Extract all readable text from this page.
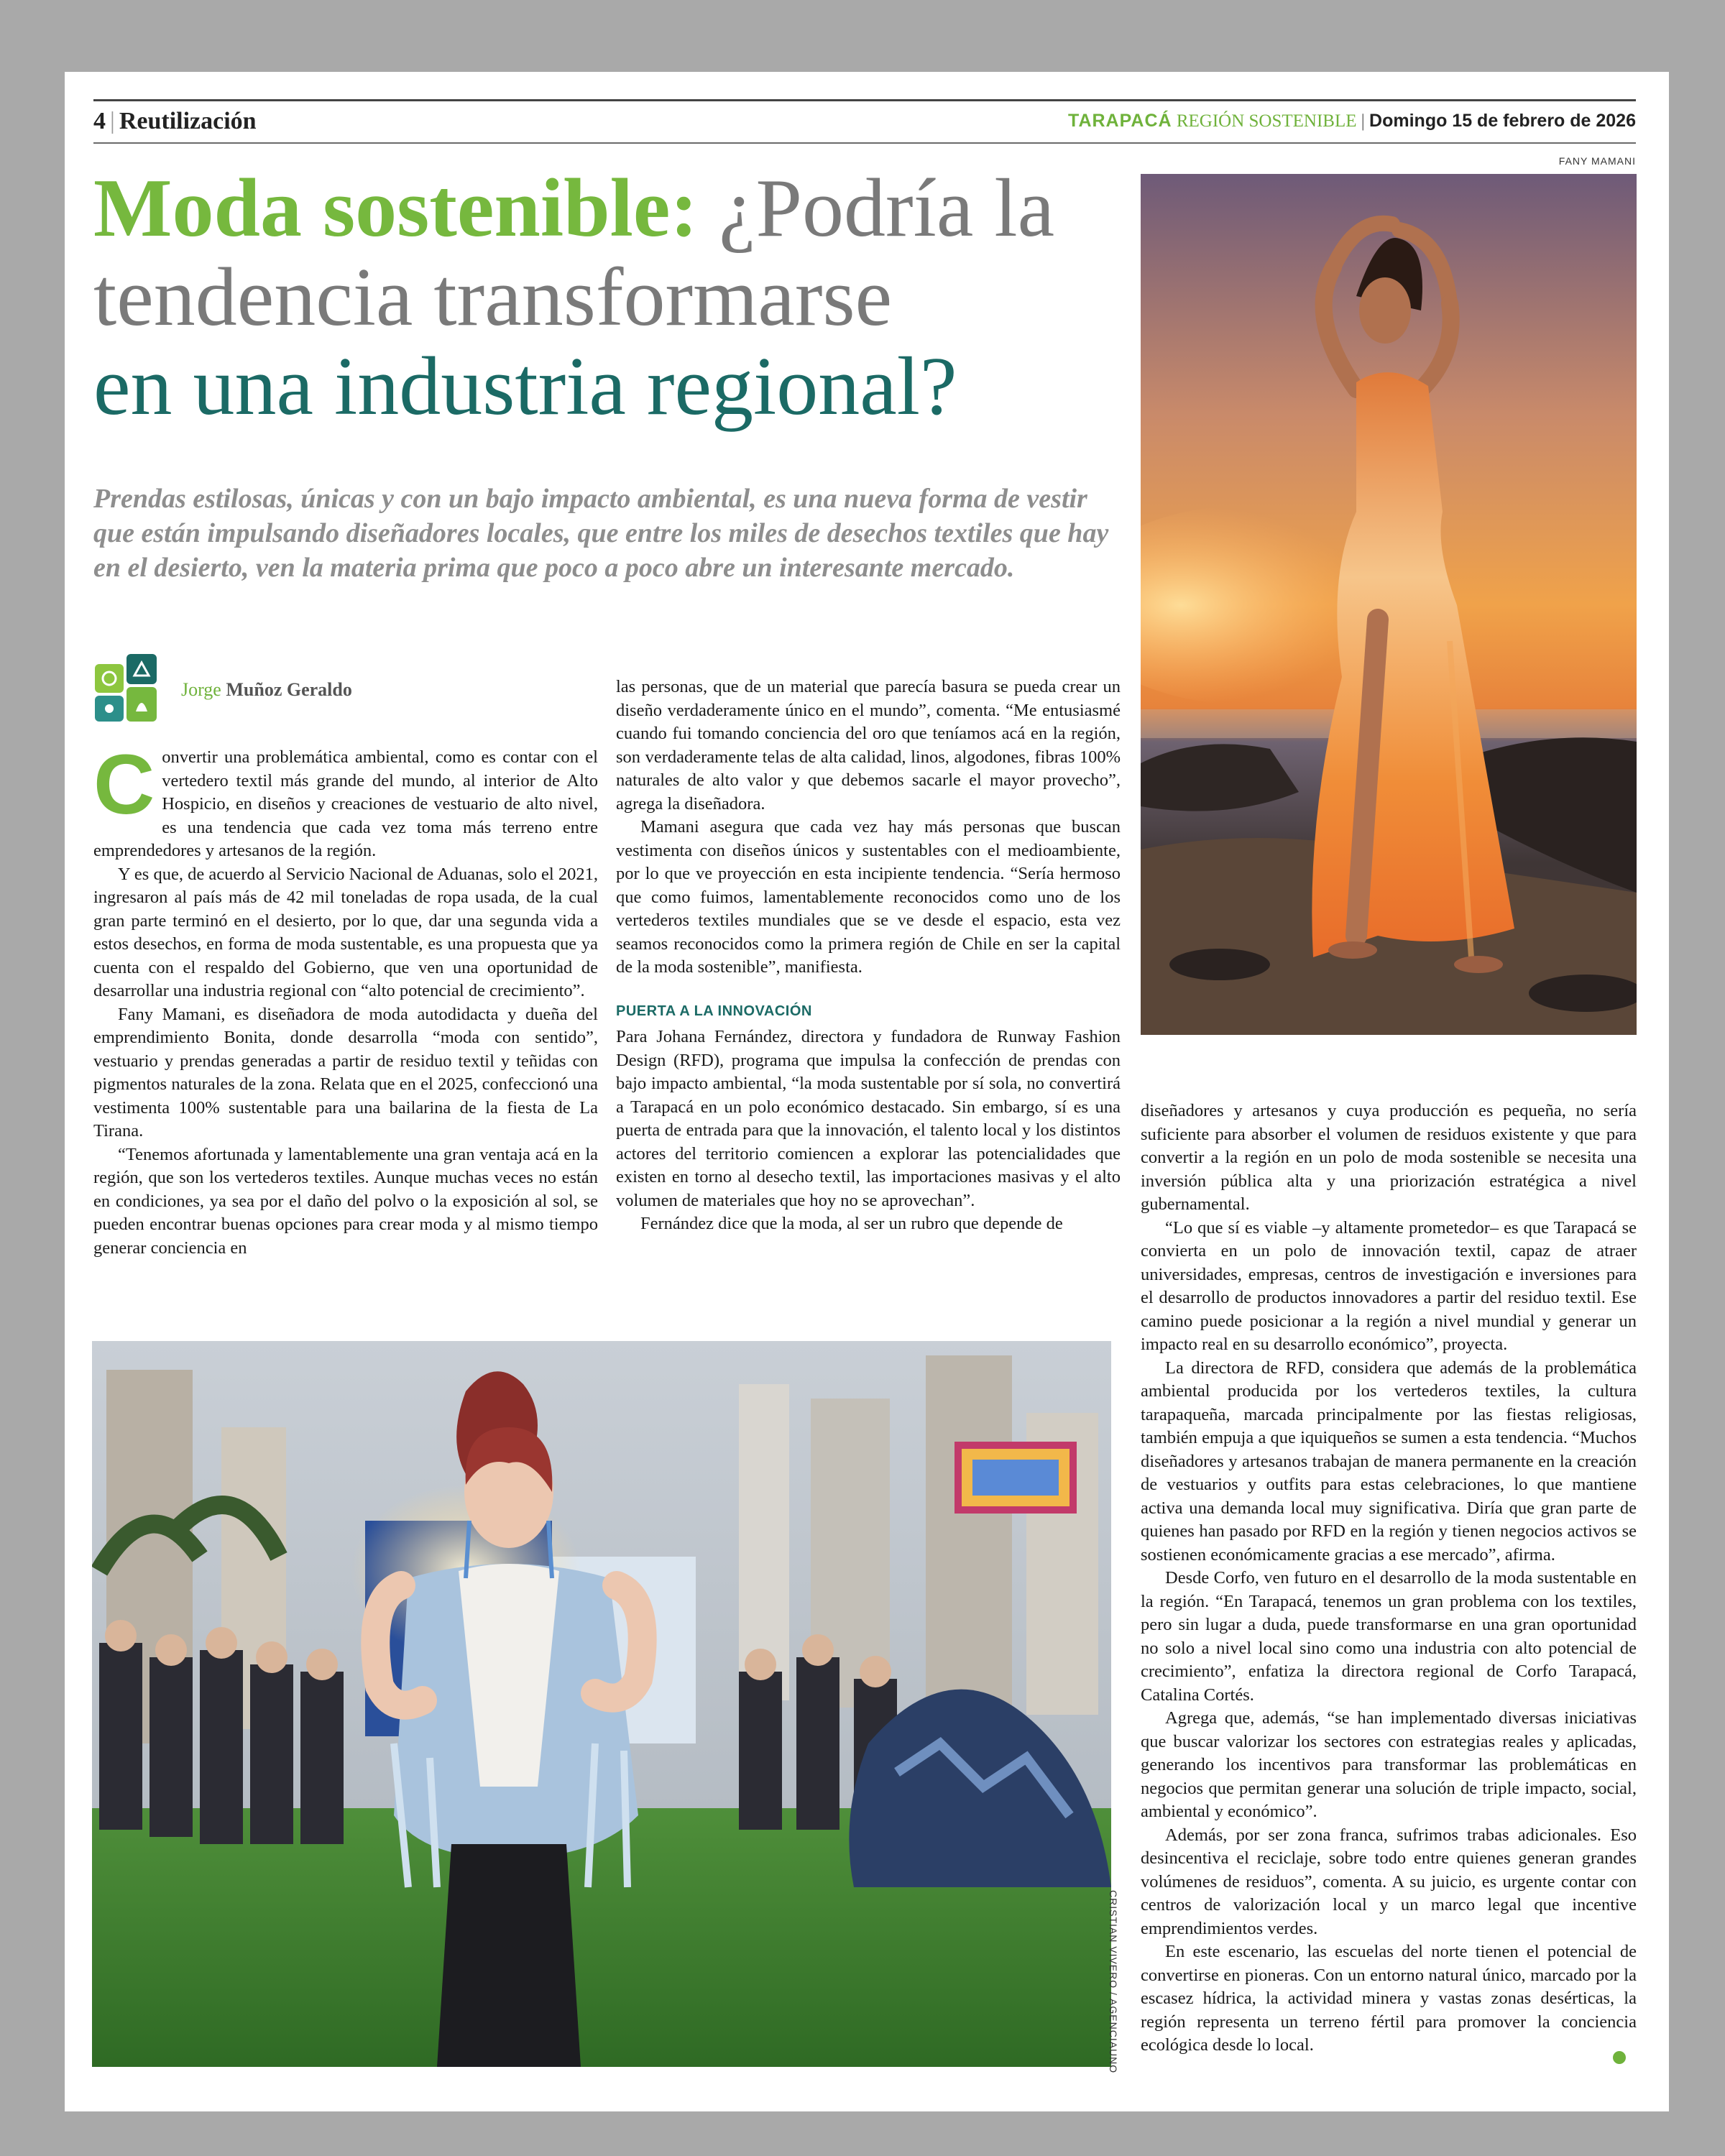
4 | Reutilización	TARAPACÁ REGIÓN SOSTENIBLE | Domingo 15 de febrero de 2026
Moda sostenible: ¿Podría la tendencia transformarse
en una industria regional?

Prendas estilosas, únicas y con un bajo impacto ambiental, es una nueva forma de vestir que están impulsando diseñadores locales, que entre los miles de desechos textiles que hay en el desierto, ven la materia prima que poco a poco abre un interesante mercado.

Jorge Muñoz Geraldo

Convertir una problemática ambiental, como es contar con el vertedero textil más grande del mundo, al interior de Alto Hospicio, en diseños y creaciones de vestuario de alto nivel, es una tendencia que cada vez toma más terreno entre emprendedores y artesanos de la región.

Y es que, de acuerdo al Servicio Nacional de Aduanas, solo el 2021, ingresaron al país más de 42 mil toneladas de ropa usada, de la cual gran parte terminó en el desierto, por lo que, dar una segunda vida a estos desechos, en forma de moda sustentable, es una propuesta que ya cuenta con el respaldo del Gobierno, que ven una oportunidad de desarrollar una industria regional con “alto potencial de crecimiento”.

Fany Mamani, es diseñadora de moda autodidacta y dueña del emprendimiento Bonita, donde desarrolla “moda con sentido”, vestuario y prendas generadas a partir de residuo textil y teñidas con pigmentos naturales de la zona. Relata que en el 2025, confeccionó una vestimenta 100% sustentable para una bailarina de la fiesta de La Tirana.

“Tenemos afortunada y lamentablemente una gran ventaja acá en la región, que son los vertederos textiles. Aunque muchas veces no están en condiciones, ya sea por el daño del polvo o la exposición al sol, se pueden encontrar buenas opciones para crear moda y al mismo tiempo generar conciencia en

las personas, que de un material que parecía basura se pueda crear un diseño verdaderamente único en el mundo”, comenta. “Me entusiasmé cuando fui tomando conciencia del oro que teníamos acá en la región, son verdaderamente telas de alta calidad, linos, algodones, fibras 100% naturales de alto valor y que debemos sacarle el mayor provecho”, agrega la diseñadora.

Mamani asegura que cada vez hay más personas que buscan vestimenta con diseños únicos y sustentables con el medioambiente, por lo que ve proyección en esta incipiente tendencia. “Sería hermoso que como fuimos, lamentablemente reconocidos como uno de los vertederos textiles mundiales que se ve desde el espacio, esta vez seamos reconocidos como la primera región de Chile en ser la capital de la moda sostenible”, manifiesta.

PUERTA A LA INNOVACIÓN

Para Johana Fernández, directora y fundadora de Runway Fashion Design (RFD), programa que impulsa la confección de prendas con bajo impacto ambiental, “la moda sustentable por sí sola, no convertirá a Tarapacá en un polo económico destacado. Sin embargo, sí es una puerta de entrada para que la innovación, el talento local y los distintos actores del territorio comiencen a explorar las potencialidades que existen en torno al desecho textil, las importaciones masivas y el alto volumen de materiales que hoy no se aprovechan”.

Fernández dice que la moda, al ser un rubro que depende de

diseñadores y artesanos y cuya producción es pequeña, no sería suficiente para absorber el volumen de residuos existente y que para convertir a la región en un polo de moda sostenible se necesita una inversión pública alta y una priorización estratégica a nivel gubernamental.

“Lo que sí es viable –y altamente prometedor– es que Tarapacá se convierta en un polo de innovación textil, capaz de atraer universidades, empresas, centros de investigación e inversiones para el desarrollo de productos innovadores a partir del residuo textil. Ese camino puede posicionar a la región a nivel mundial y generar un impacto real en su desarrollo económico”, proyecta.

La directora de RFD, considera que además de la problemática ambiental producida por los vertederos textiles, la cultura tarapaqueña, marcada principalmente por las fiestas religiosas, también empuja a que iquiqueños se sumen a esta tendencia. “Muchos diseñadores y artesanos trabajan de manera permanente en la creación de vestuarios y outfits para estas celebraciones, lo que mantiene activa una demanda local muy significativa. Diría que gran parte de quienes han pasado por RFD en la región y tienen negocios activos se sostienen económicamente gracias a ese mercado”, afirma.

Desde Corfo, ven futuro en el desarrollo de la moda sustentable en la región. “En Tarapacá, tenemos un gran problema con los textiles, pero sin lugar a duda, puede transformarse en una gran oportunidad no solo a nivel local sino como una industria con alto potencial de crecimiento”, enfatiza la directora regional de Corfo Tarapacá, Catalina Cortés.

Agrega que, además, “se han implementado diversas iniciativas que buscar valorizar los sectores con estrategias reales y aplicadas, generando los incentivos para transformar las problemáticas en negocios que permitan generar una solución de triple impacto, social, ambiental y económico”.

Además, por ser zona franca, sufrimos trabas adicionales. Eso desincentiva el reciclaje, sobre todo entre quienes generan grandes volúmenes de residuos”, comenta. A su juicio, es urgente contar con centros de valorización local y un marco legal que incentive emprendimientos verdes.

En este escenario, las escuelas del norte tienen el potencial de convertirse en pioneras. Con un entorno natural único, marcado por la escasez hídrica, la actividad minera y vastas zonas desérticas, la región representa un terreno fértil para promover la conciencia ecológica desde lo local.

FANY MAMANI
CRISTIAN VIVERO / AGENCIAUNO
